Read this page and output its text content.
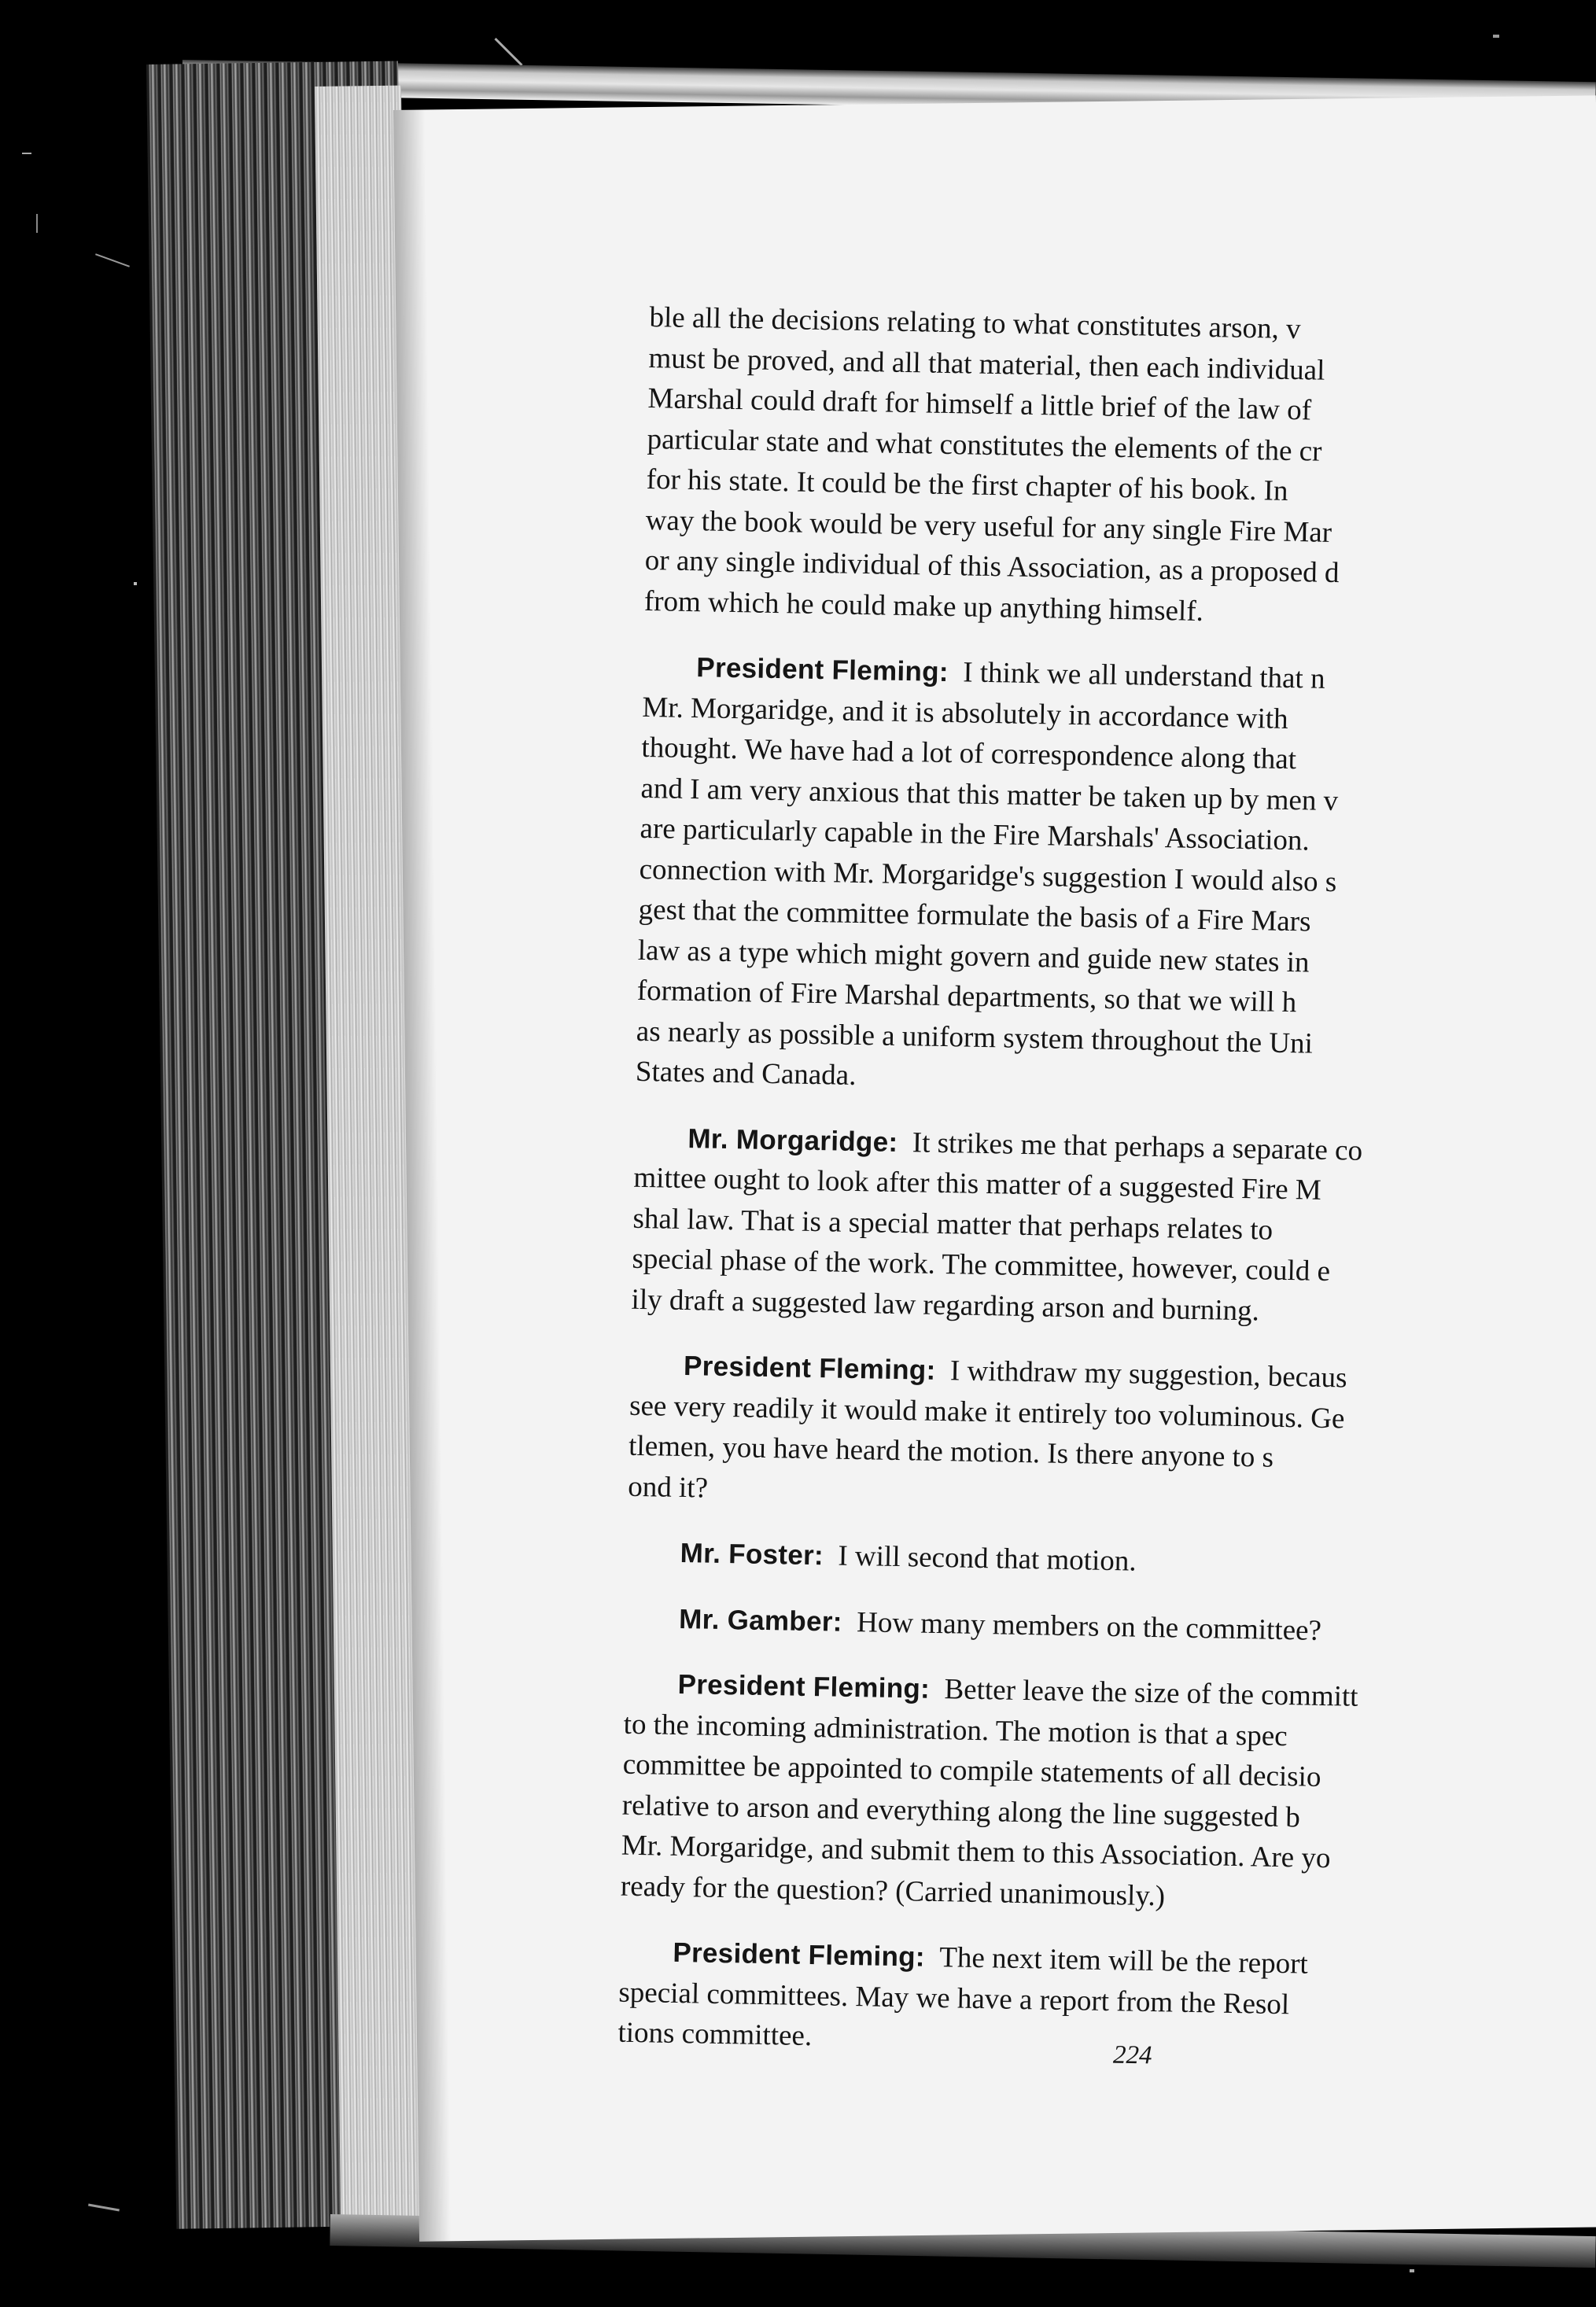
ble all the decisions relating to what constitutes arson, v
must be proved, and all that material, then each individual
Marshal could draft for himself a little brief of the law of
particular state and what constitutes the elements of the cr
for his state. It could be the first chapter of his book. In
way the book would be very useful for any single Fire Mar
or any single individual of this Association, as a proposed d
from which he could make up anything himself.
President Fleming: I think we all understand that n
Mr. Morgaridge, and it is absolutely in accordance with
thought. We have had a lot of correspondence along that
and I am very anxious that this matter be taken up by men v
are particularly capable in the Fire Marshals' Association.
connection with Mr. Morgaridge's suggestion I would also s
gest that the committee formulate the basis of a Fire Mars
law as a type which might govern and guide new states in
formation of Fire Marshal departments, so that we will h
as nearly as possible a uniform system throughout the Uni
States and Canada.
Mr. Morgaridge: It strikes me that perhaps a separate co
mittee ought to look after this matter of a suggested Fire M
shal law. That is a special matter that perhaps relates to
special phase of the work. The committee, however, could e
ily draft a suggested law regarding arson and burning.
President Fleming: I withdraw my suggestion, becaus
see very readily it would make it entirely too voluminous. Ge
tlemen, you have heard the motion. Is there anyone to s
ond it?
Mr. Foster: I will second that motion.
Mr. Gamber: How many members on the committee?
President Fleming: Better leave the size of the committ
to the incoming administration. The motion is that a spec
committee be appointed to compile statements of all decisio
relative to arson and everything along the line suggested b
Mr. Morgaridge, and submit them to this Association. Are yo
ready for the question? (Carried unanimously.)
President Fleming: The next item will be the report
special committees. May we have a report from the Resol
tions committee.
224
